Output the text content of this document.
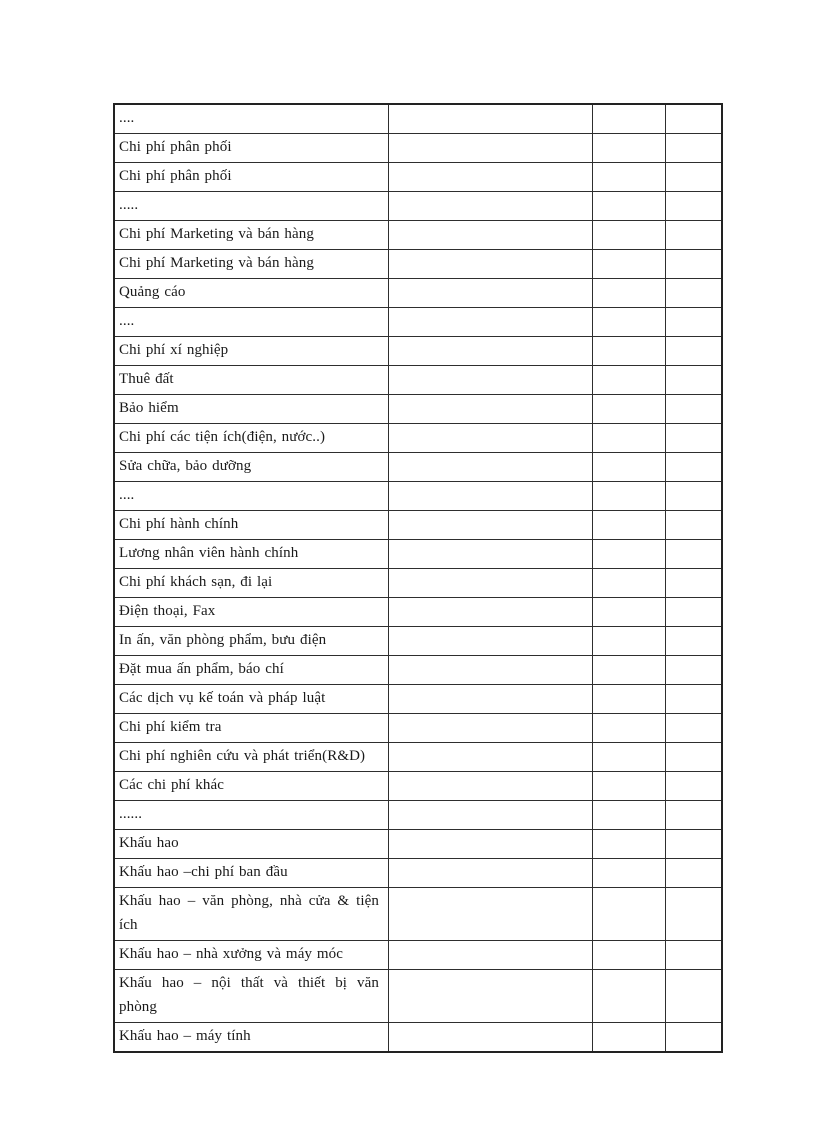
....			
Chi phí phân phối			
Chi phí phân phối			
.....			
Chi phí Marketing và bán hàng			
Chi phí Marketing và bán hàng			
Quảng cáo			
....			
Chi phí xí nghiệp			
Thuê đất			
Bảo hiểm			
Chi phí các tiện ích(điện, nước..)			
Sửa chữa, bảo dưỡng			
....			
Chi phí hành chính			
Lương nhân viên hành chính			
Chi phí khách sạn, đi lại			
Điện thoại, Fax			
In ấn, văn phòng phẩm, bưu điện			
Đặt mua ấn phẩm, báo chí			
Các dịch vụ kế toán và pháp luật			
Chi phí kiểm tra			
Chi phí nghiên cứu và phát triển(R&D)			
Các chi phí khác			
......			
Khấu hao			
Khấu hao –chi phí ban đầu			
Khấu hao – văn phòng, nhà cửa & tiện ích			
Khấu hao – nhà xưởng và máy móc			
Khấu hao – nội thất và thiết bị văn phòng			
Khấu hao – máy tính			
